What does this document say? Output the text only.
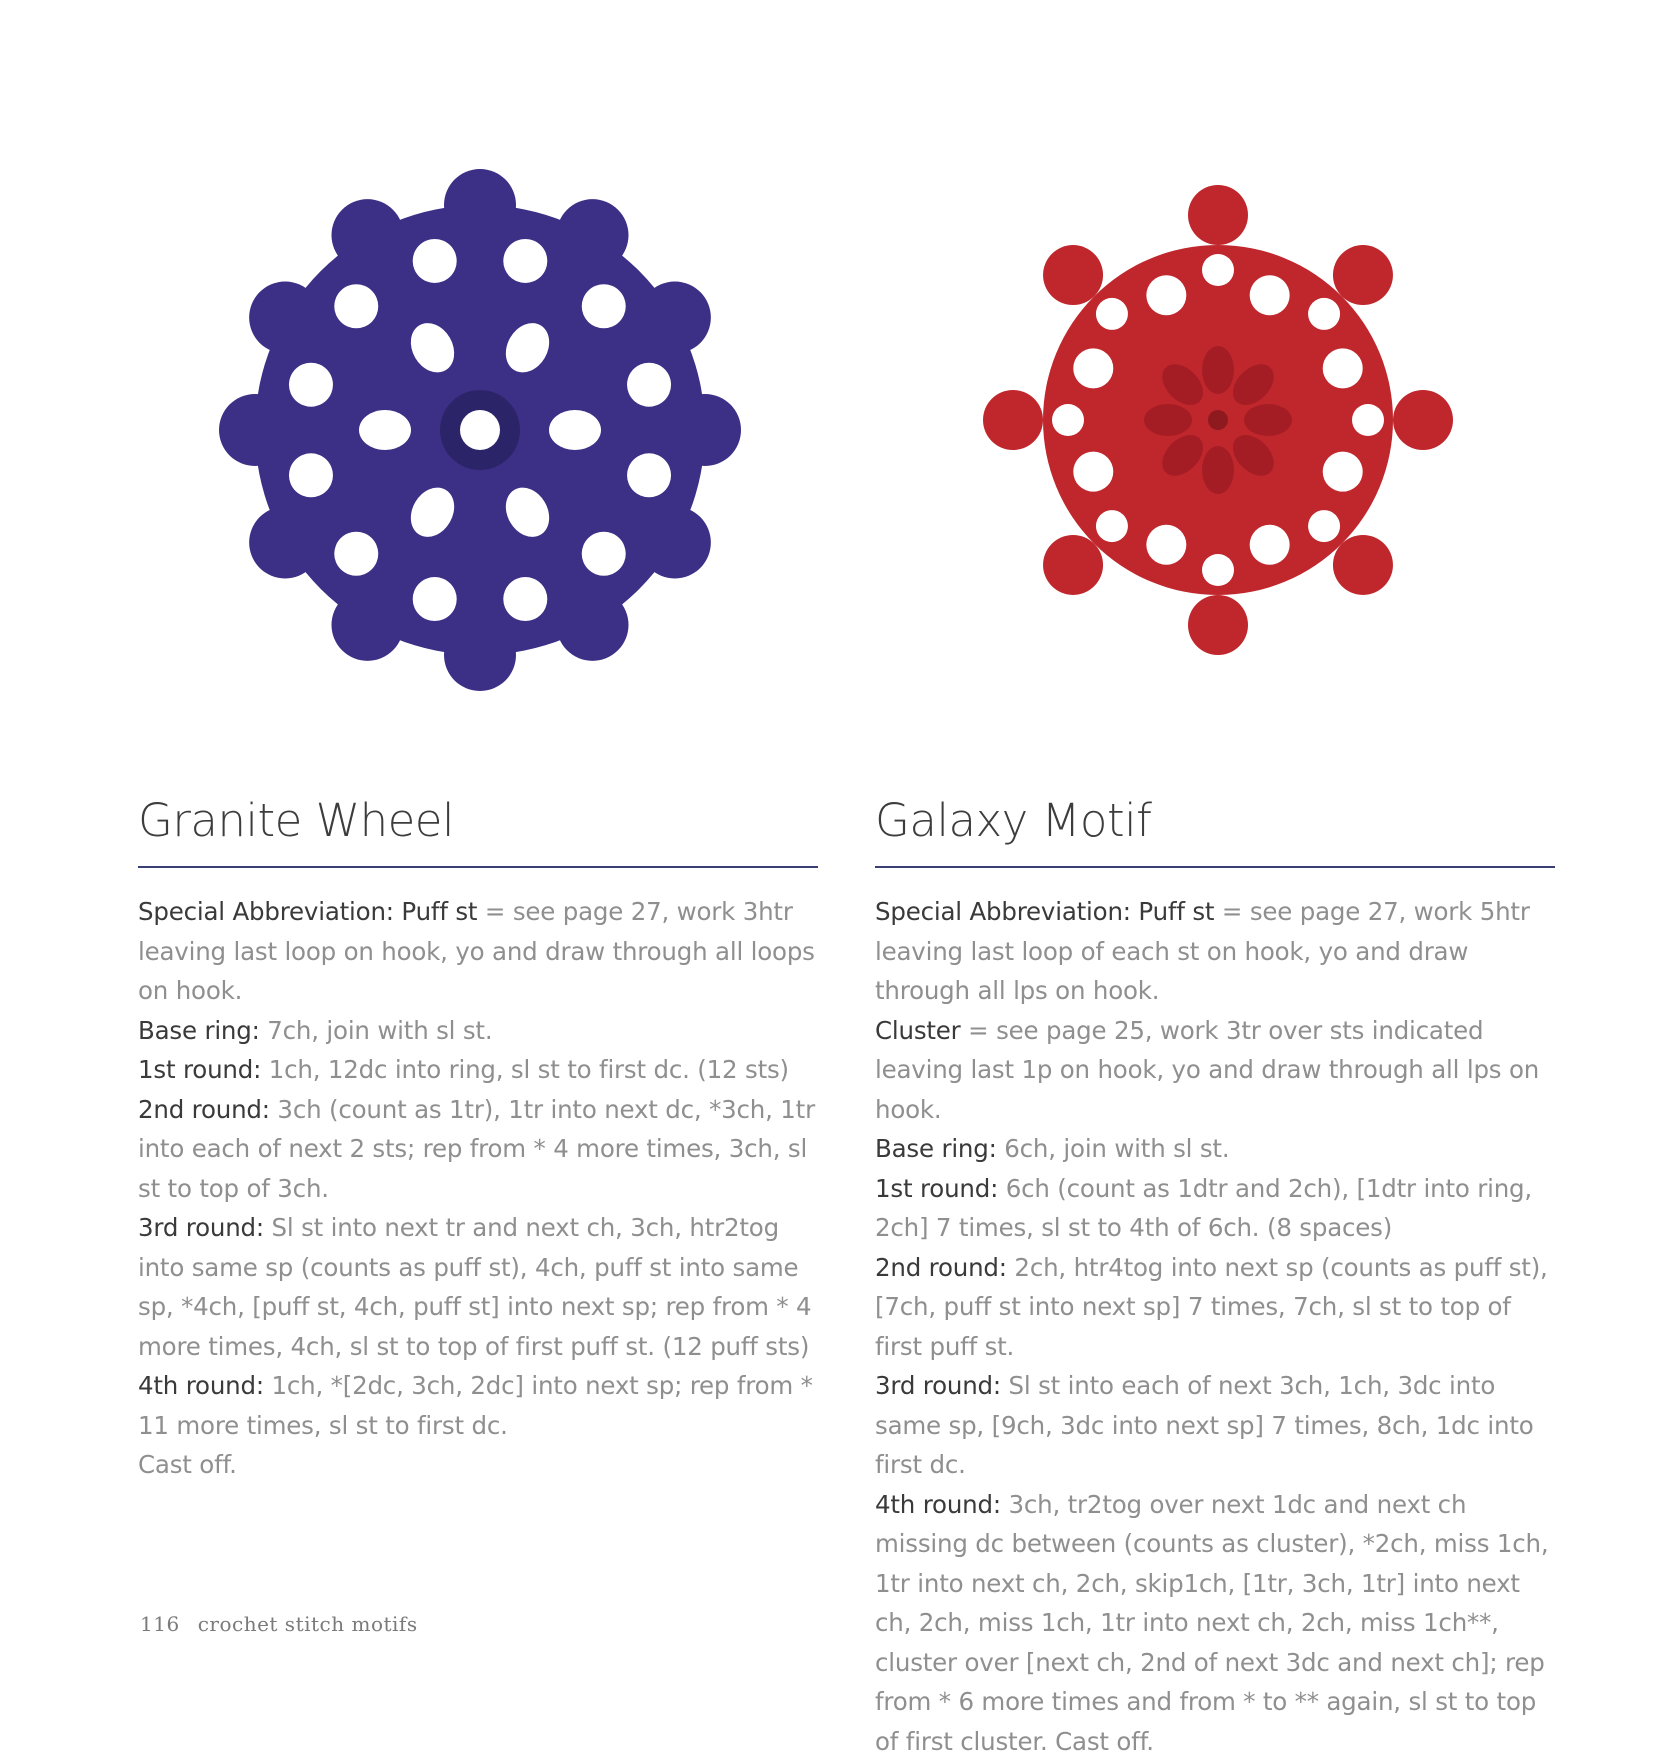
Granite Wheel

Special Abbreviation: Puff st = see page 27, work 3htr leaving last loop on hook, yo and draw through all loops on hook.

Base ring: 7ch, join with sl st.

1st round: 1ch, 12dc into ring, sl st to first dc. (12 sts)

2nd round: 3ch (count as 1tr), 1tr into next dc, *3ch, 1tr into each of next 2 sts; rep from * 4 more times, 3ch, sl st to top of 3ch.

3rd round: Sl st into next tr and next ch, 3ch, htr2tog into same sp (counts as puff st), 4ch, puff st into same sp, *4ch, [puff st, 4ch, puff st] into next sp; rep from * 4 more times, 4ch, sl st to top of first puff st. (12 puff sts)

4th round: 1ch, *[2dc, 3ch, 2dc] into next sp; rep from * 11 more times, sl st to first dc.

Cast off.

Galaxy Motif

Special Abbreviation: Puff st = see page 27, work 5htr leaving last loop of each st on hook, yo and draw through all lps on hook.

Cluster = see page 25, work 3tr over sts indicated leaving last 1p on hook, yo and draw through all lps on hook.

Base ring: 6ch, join with sl st.

1st round: 6ch (count as 1dtr and 2ch), [1dtr into ring, 2ch] 7 times, sl st to 4th of 6ch. (8 spaces)

2nd round: 2ch, htr4tog into next sp (counts as puff st), [7ch, puff st into next sp] 7 times, 7ch, sl st to top of first puff st.

3rd round: Sl st into each of next 3ch, 1ch, 3dc into same sp, [9ch, 3dc into next sp] 7 times, 8ch, 1dc into first dc.

4th round: 3ch, tr2tog over next 1dc and next ch missing dc between (counts as cluster), *2ch, miss 1ch, 1tr into next ch, 2ch, skip1ch, [1tr, 3ch, 1tr] into next ch, 2ch, miss 1ch, 1tr into next ch, 2ch, miss 1ch**, cluster over [next ch, 2nd of next 3dc and next ch]; rep from * 6 more times and from * to ** again, sl st to top of first cluster. Cast off.

116 crochet stitch motifs
